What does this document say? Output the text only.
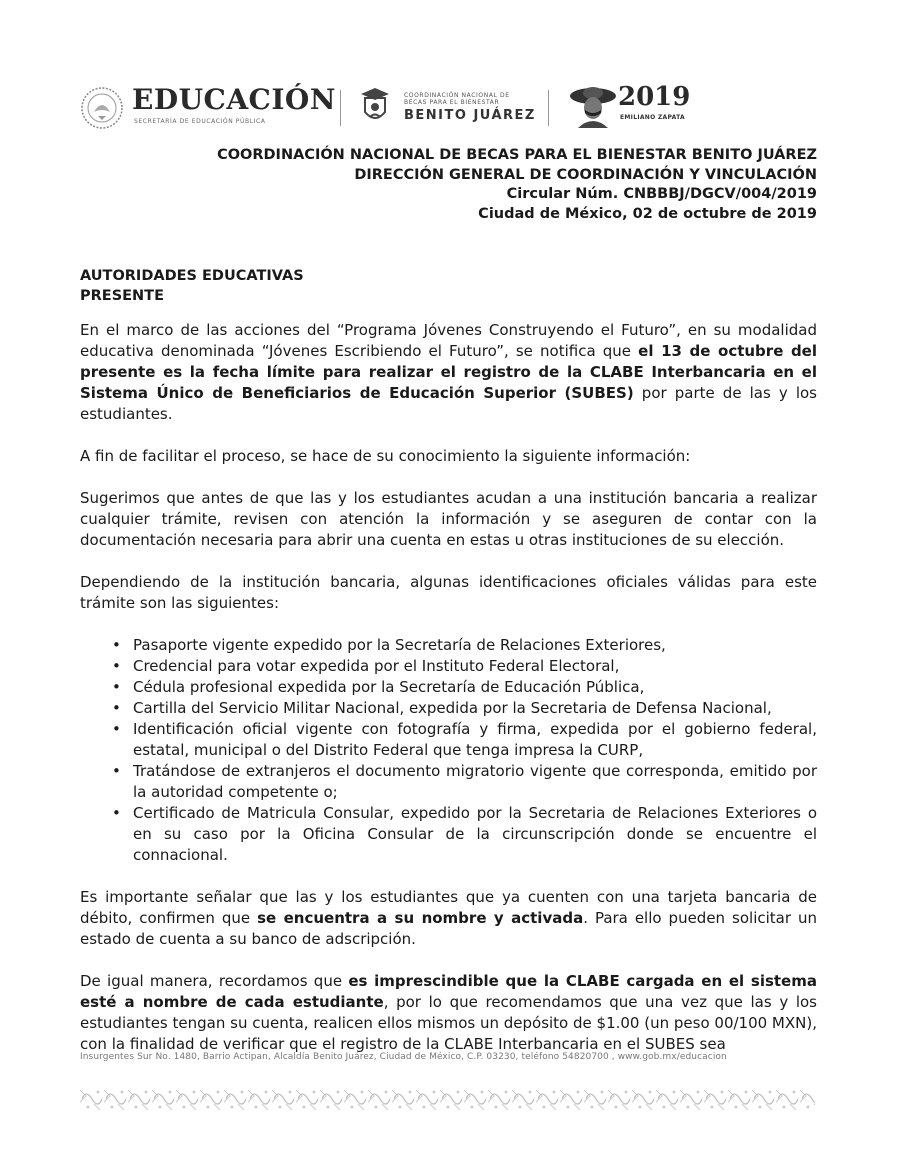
EDUCACIÓN
SECRETARÍA DE EDUCACIÓN PÚBLICA
COORDINACIÓN NACIONAL DE BECAS PARA EL BIENESTAR
BENITO JUÁREZ
2019
EMILIANO ZAPATA
COORDINACIÓN NACIONAL DE BECAS PARA EL BIENESTAR BENITO JUÁREZ
DIRECCIÓN GENERAL DE COORDINACIÓN Y VINCULACIÓN
Circular Núm. CNBBBJ/DGCV/004/2019
Ciudad de México, 02 de octubre de 2019
AUTORIDADES EDUCATIVAS
PRESENTE

En el marco de las acciones del “Programa Jóvenes Construyendo el Futuro”, en su modalidad educativa denominada “Jóvenes Escribiendo el Futuro”, se notifica que el 13 de octubre del presente es la fecha límite para realizar el registro de la CLABE Interbancaria en el Sistema Único de Beneficiarios de Educación Superior (SUBES) por parte de las y los estudiantes.

A fin de facilitar el proceso, se hace de su conocimiento la siguiente información:

Sugerimos que antes de que las y los estudiantes acudan a una institución bancaria a realizar cualquier trámite, revisen con atención la información y se aseguren de contar con la documentación necesaria para abrir una cuenta en estas u otras instituciones de su elección.

Dependiendo de la institución bancaria, algunas identificaciones oficiales válidas para este trámite son las siguientes:

• Pasaporte vigente expedido por la Secretaría de Relaciones Exteriores,
• Credencial para votar expedida por el Instituto Federal Electoral,
• Cédula profesional expedida por la Secretaría de Educación Pública,
• Cartilla del Servicio Militar Nacional, expedida por la Secretaria de Defensa Nacional,
• Identificación oficial vigente con fotografía y firma, expedida por el gobierno federal, estatal, municipal o del Distrito Federal que tenga impresa la CURP,
• Tratándose de extranjeros el documento migratorio vigente que corresponda, emitido por la autoridad competente o;
• Certificado de Matricula Consular, expedido por la Secretaria de Relaciones Exteriores o en su caso por la Oficina Consular de la circunscripción donde se encuentre el connacional.

Es importante señalar que las y los estudiantes que ya cuenten con una tarjeta bancaria de débito, confirmen que se encuentra a su nombre y activada. Para ello pueden solicitar un estado de cuenta a su banco de adscripción.

De igual manera, recordamos que es imprescindible que la CLABE cargada en el sistema esté a nombre de cada estudiante, por lo que recomendamos que una vez que las y los estudiantes tengan su cuenta, realicen ellos mismos un depósito de $1.00 (un peso 00/100 MXN), con la finalidad de verificar que el registro de la CLABE Interbancaria en el SUBES sea

Insurgentes Sur No. 1480, Barrio Actipan, Alcaldía Benito Juárez, Ciudad de México, C.P. 03230, teléfono 54820700 , www.gob.mx/educacion
